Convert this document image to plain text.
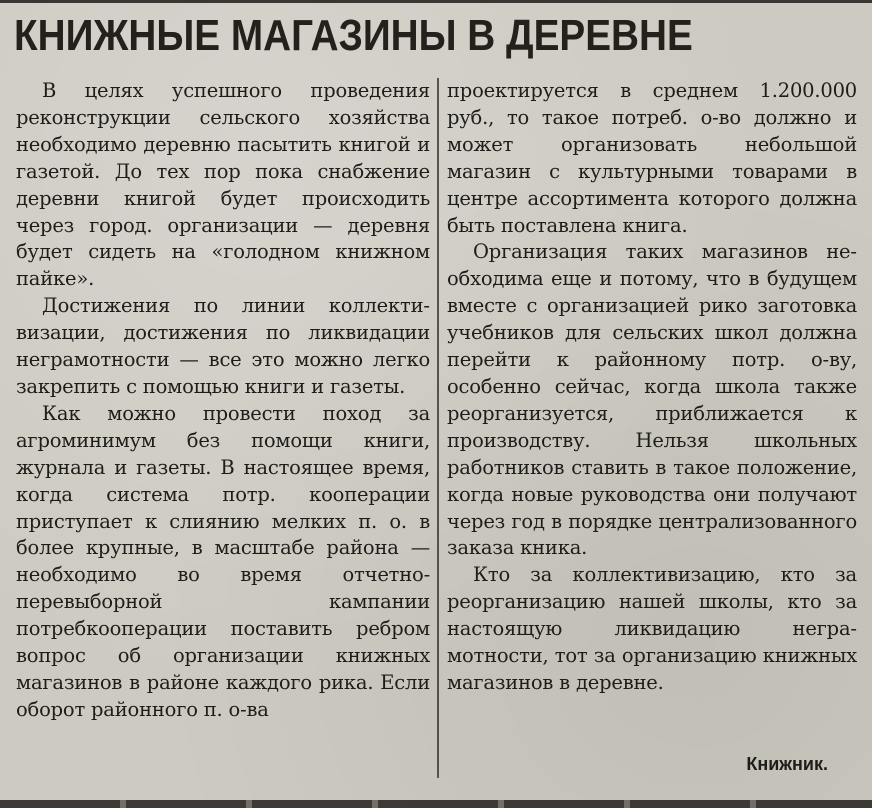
КНИЖНЫЕ МАГАЗИНЫ В ДЕРЕВНЕ

В целях успешного проведения реконструкции сельского хозяйства необходимо деревню пасытить книгой и газетой. До тех пор пока снабжение деревни книгой будет происходить через город. организации — деревня будет сидеть на «голодном книжном пайке».

Достижения по линии коллективизации, достижения по ликвидации неграмотности — все это можно легко закрепить с помощью книги и газеты.

Как можно провести поход за агроминимум без помощи книги, журнала и газеты. В настоящее время, когда система потр. кооперации приступает к слиянию мелких п. о. в более крупные, в масштабе района — необходимо во время отчетно-перевыборной кампании потребкооперации поставить ребром вопрос об организации книжных магазинов в районе каждого рика. Если оборот районного п. о-ва

проектируется в среднем 1.200.000 руб., то такое потреб. о-во должно и может организовать небольшой магазин с культурными товарами в центре ассортимента которого должна быть поставлена книга.

Организация таких магазинов необходима еще и потому, что в будущем вместе с организацией рико заготовка учебников для сельских школ должна перейти к районному потр. о-ву, особенно сейчас, когда школа также реорганизуется, приближается к производству. Нельзя школьных работников ставить в такое положение, когда новые руководства они получают через год в порядке централизованного заказа кника.

Кто за коллективизацию, кто за реорганизацию нашей школы, кто за настоящую ликвидацию неграмотности, тот за организацию книжных магазинов в деревне.

Книжник.
